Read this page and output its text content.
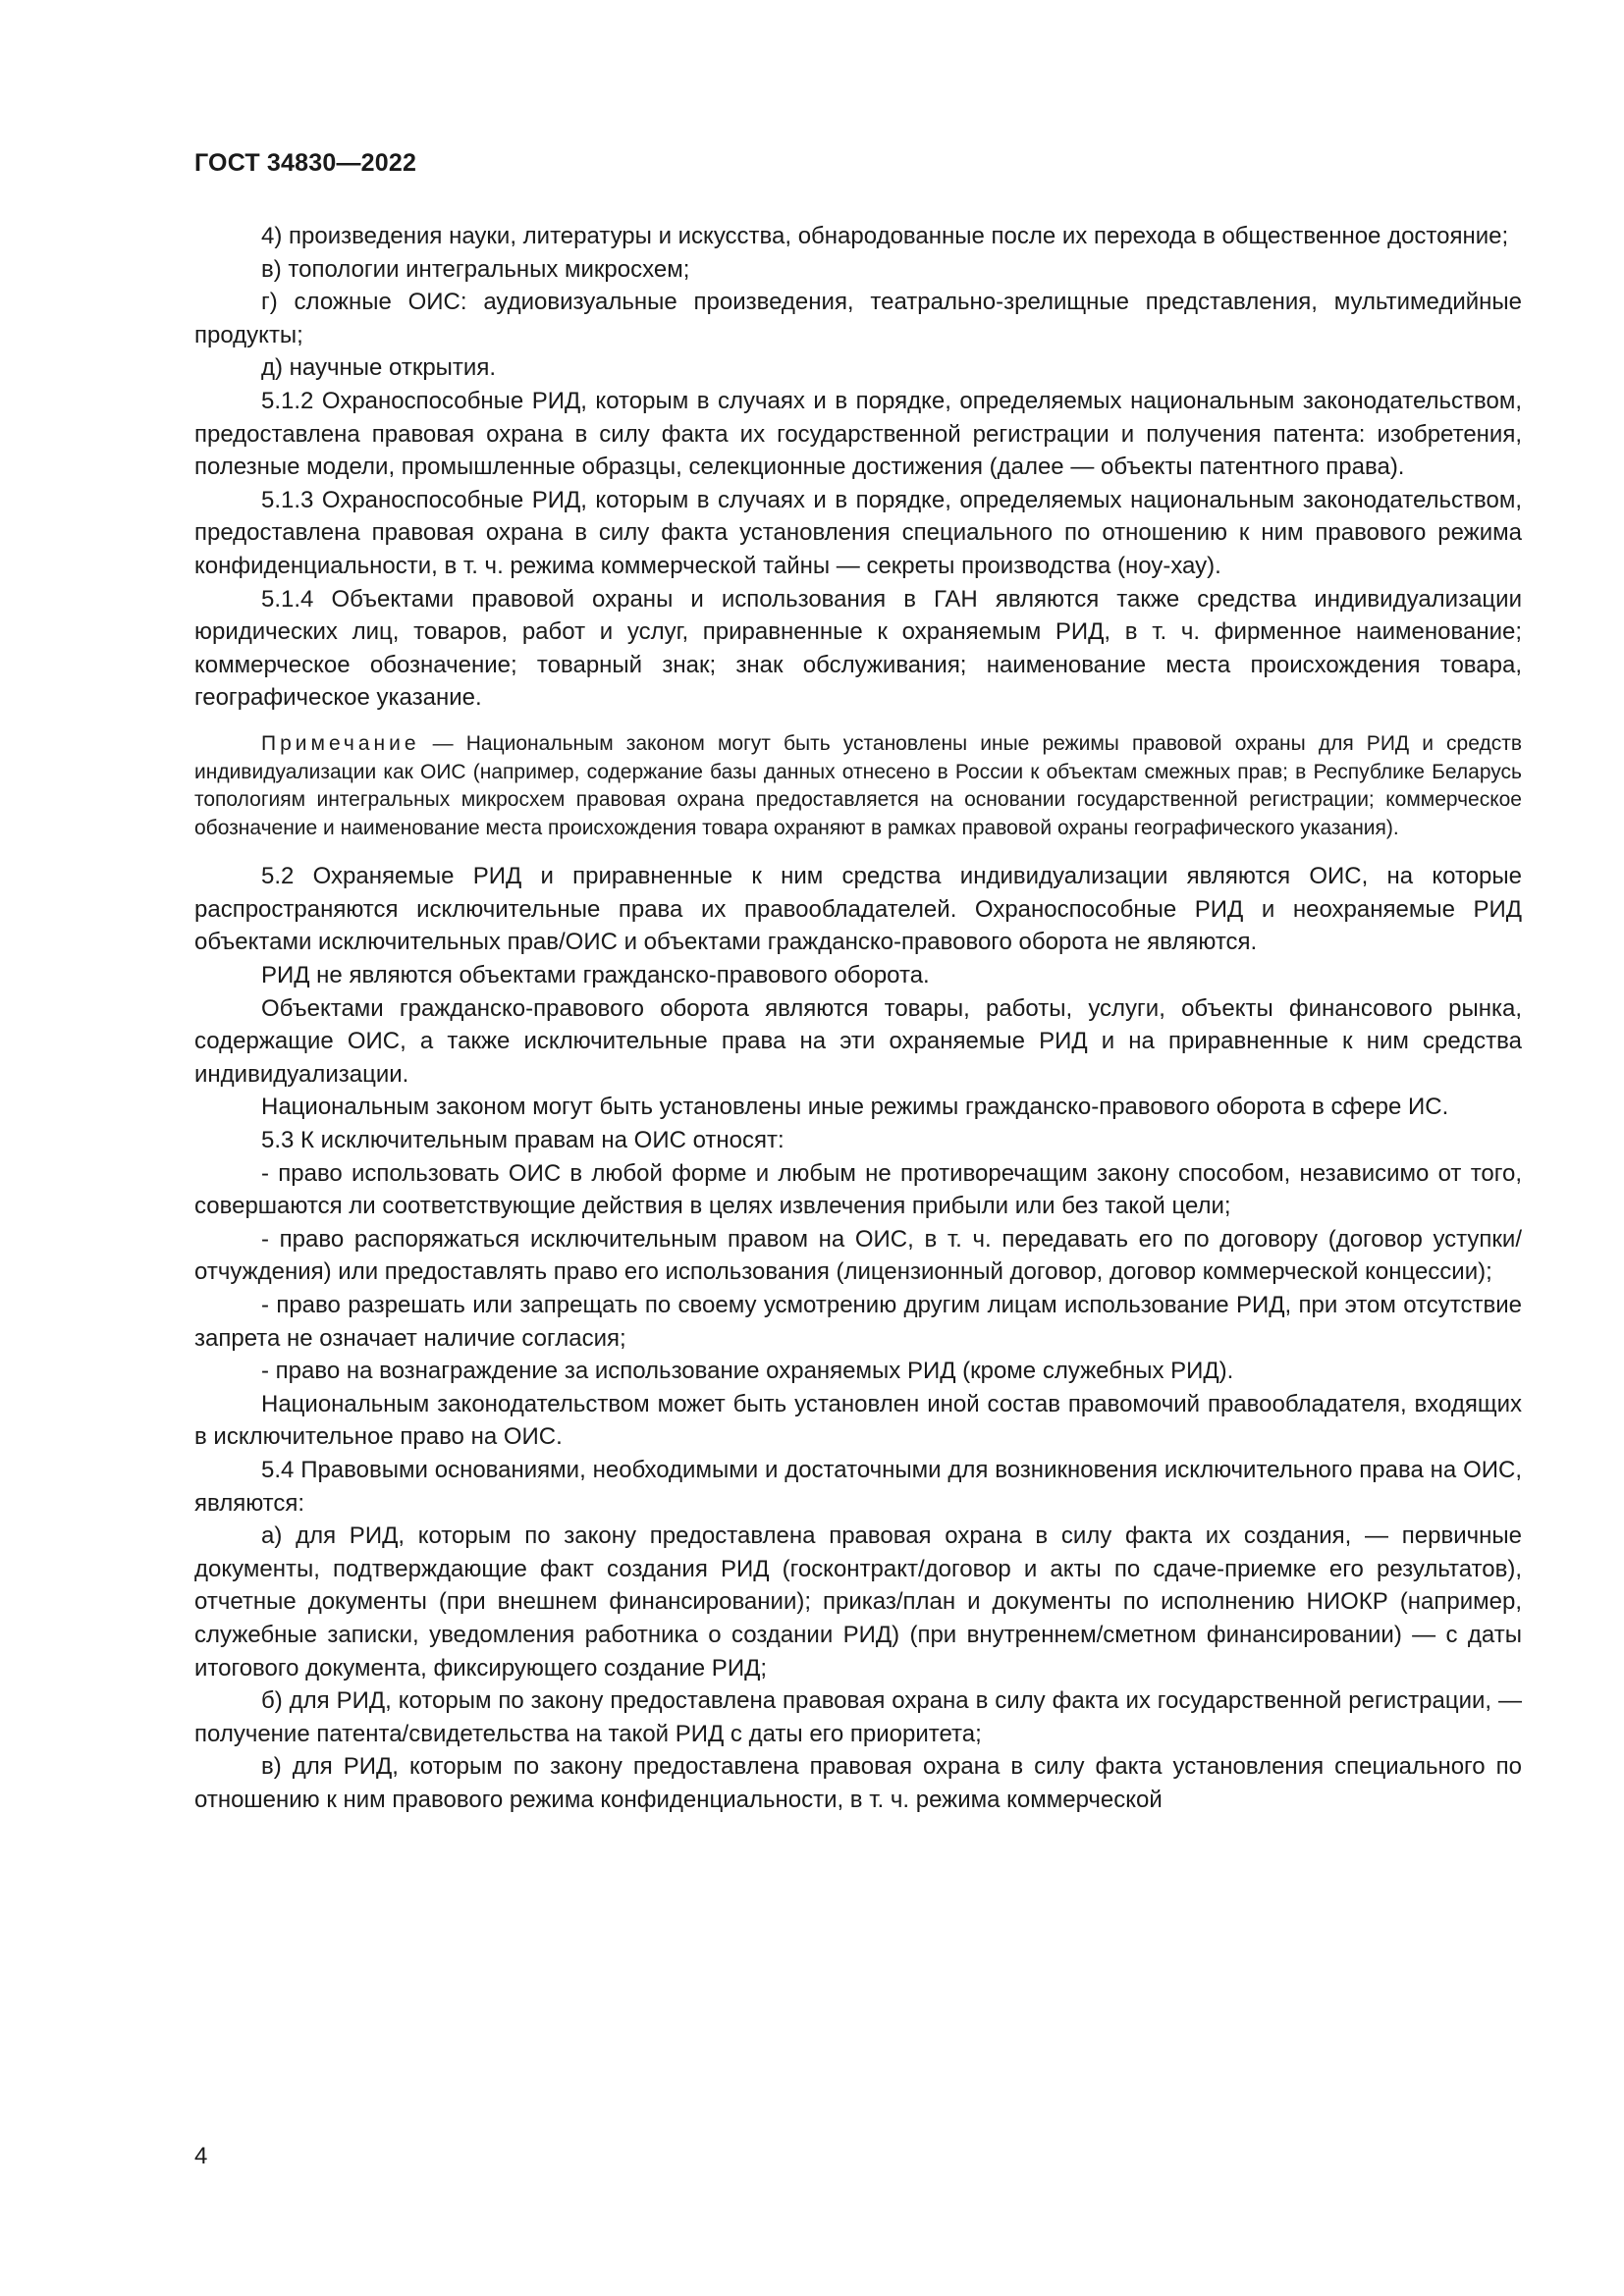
ГОСТ 34830—2022

4) произведения науки, литературы и искусства, обнародованные после их перехода в общественное достояние;

в) топологии интегральных микросхем;

г) сложные ОИС: аудиовизуальные произведения, театрально-зрелищные представления, мультимедийные продукты;

д) научные открытия.

5.1.2 Охраноспособные РИД, которым в случаях и в порядке, определяемых национальным законодательством, предоставлена правовая охрана в силу факта их государственной регистрации и получения патента: изобретения, полезные модели, промышленные образцы, селекционные достижения (далее — объекты патентного права).

5.1.3 Охраноспособные РИД, которым в случаях и в порядке, определяемых национальным законодательством, предоставлена правовая охрана в силу факта установления специального по отношению к ним правового режима конфиденциальности, в т. ч. режима коммерческой тайны — секреты производства (ноу-хау).

5.1.4 Объектами правовой охраны и использования в ГАН являются также средства индивидуализации юридических лиц, товаров, работ и услуг, приравненные к охраняемым РИД, в т. ч. фирменное наименование; коммерческое обозначение; товарный знак; знак обслуживания; наименование места происхождения товара, географическое указание.

Примечание — Национальным законом могут быть установлены иные режимы правовой охраны для РИД и средств индивидуализации как ОИС (например, содержание базы данных отнесено в России к объектам смежных прав; в Республике Беларусь топологиям интегральных микросхем правовая охрана предоставляется на основании государственной регистрации; коммерческое обозначение и наименование места происхождения товара охраняют в рамках правовой охраны географического указания).

5.2 Охраняемые РИД и приравненные к ним средства индивидуализации являются ОИС, на которые распространяются исключительные права их правообладателей. Охраноспособные РИД и неохраняемые РИД объектами исключительных прав/ОИС и объектами гражданско-правового оборота не являются.

РИД не являются объектами гражданско-правового оборота.

Объектами гражданско-правового оборота являются товары, работы, услуги, объекты финансового рынка, содержащие ОИС, а также исключительные права на эти охраняемые РИД и на приравненные к ним средства индивидуализации.

Национальным законом могут быть установлены иные режимы гражданско-правового оборота в сфере ИС.

5.3 К исключительным правам на ОИС относят:

- право использовать ОИС в любой форме и любым не противоречащим закону способом, независимо от того, совершаются ли соответствующие действия в целях извлечения прибыли или без такой цели;

- право распоряжаться исключительным правом на ОИС, в т. ч. передавать его по договору (договор уступки/отчуждения) или предоставлять право его использования (лицензионный договор, договор коммерческой концессии);

- право разрешать или запрещать по своему усмотрению другим лицам использование РИД, при этом отсутствие запрета не означает наличие согласия;

- право на вознаграждение за использование охраняемых РИД (кроме служебных РИД).

Национальным законодательством может быть установлен иной состав правомочий правообладателя, входящих в исключительное право на ОИС.

5.4 Правовыми основаниями, необходимыми и достаточными для возникновения исключительного права на ОИС, являются:

а) для РИД, которым по закону предоставлена правовая охрана в силу факта их создания, — первичные документы, подтверждающие факт создания РИД (госконтракт/договор и акты по сдаче-приемке его результатов), отчетные документы (при внешнем финансировании); приказ/план и документы по исполнению НИОКР (например, служебные записки, уведомления работника о создании РИД) (при внутреннем/сметном финансировании) — с даты итогового документа, фиксирующего создание РИД;

б) для РИД, которым по закону предоставлена правовая охрана в силу факта их государственной регистрации, — получение патента/свидетельства на такой РИД с даты его приоритета;

в) для РИД, которым по закону предоставлена правовая охрана в силу факта установления специального по отношению к ним правового режима конфиденциальности, в т. ч. режима коммерческой

4
